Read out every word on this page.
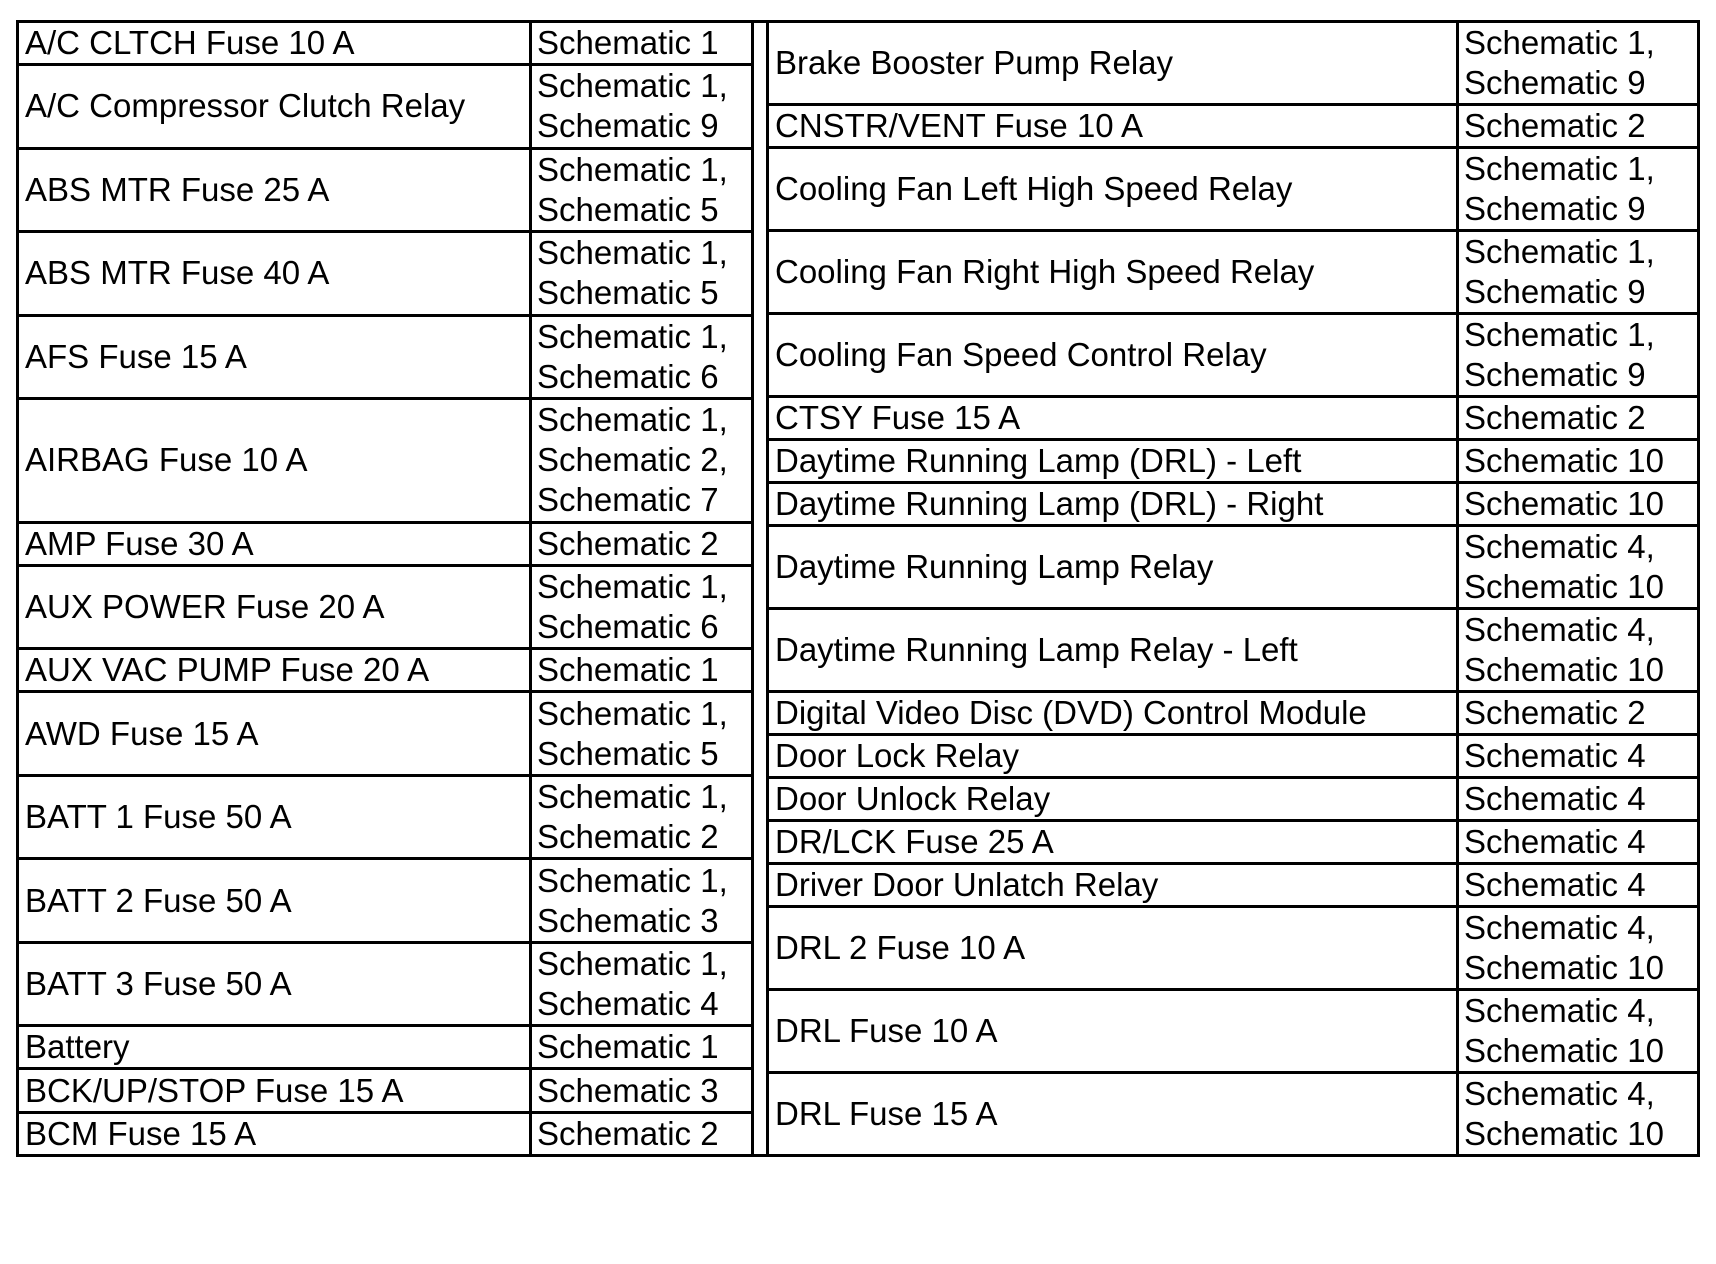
A/C CLTCH Fuse 10 A	Schematic 1

A/C Compressor Clutch Relay	Schematic 1,
Schematic 9

ABS MTR Fuse 25 A	Schematic 1,
Schematic 5

ABS MTR Fuse 40 A	Schematic 1,
Schematic 5

AFS Fuse 15 A	Schematic 1,
Schematic 6

AIRBAG Fuse 10 A	Schematic 1,
Schematic 2,
Schematic 7

AMP Fuse 30 A	Schematic 2

AUX POWER Fuse 20 A	Schematic 1,
Schematic 6

AUX VAC PUMP Fuse 20 A	Schematic 1

AWD Fuse 15 A	Schematic 1,
Schematic 5

BATT 1 Fuse 50 A	Schematic 1,
Schematic 2

BATT 2 Fuse 50 A	Schematic 1,
Schematic 3

BATT 3 Fuse 50 A	Schematic 1,
Schematic 4

Battery	Schematic 1

BCK/UP/STOP Fuse 15 A	Schematic 3

BCM Fuse 15 A	Schematic 2
Brake Booster Pump Relay	Schematic 1,
Schematic 9

CNSTR/VENT Fuse 10 A	Schematic 2

Cooling Fan Left High Speed Relay	Schematic 1,
Schematic 9

Cooling Fan Right High Speed Relay	Schematic 1,
Schematic 9

Cooling Fan Speed Control Relay	Schematic 1,
Schematic 9

CTSY Fuse 15 A	Schematic 2

Daytime Running Lamp (DRL) - Left	Schematic 10

Daytime Running Lamp (DRL) - Right	Schematic 10

Daytime Running Lamp Relay	Schematic 4,
Schematic 10

Daytime Running Lamp Relay - Left	Schematic 4,
Schematic 10

Digital Video Disc (DVD) Control Module	Schematic 2

Door Lock Relay	Schematic 4

Door Unlock Relay	Schematic 4

DR/LCK Fuse 25 A	Schematic 4

Driver Door Unlatch Relay	Schematic 4

DRL 2 Fuse 10 A	Schematic 4,
Schematic 10

DRL Fuse 10 A	Schematic 4,
Schematic 10

DRL Fuse 15 A	Schematic 4,
Schematic 10
